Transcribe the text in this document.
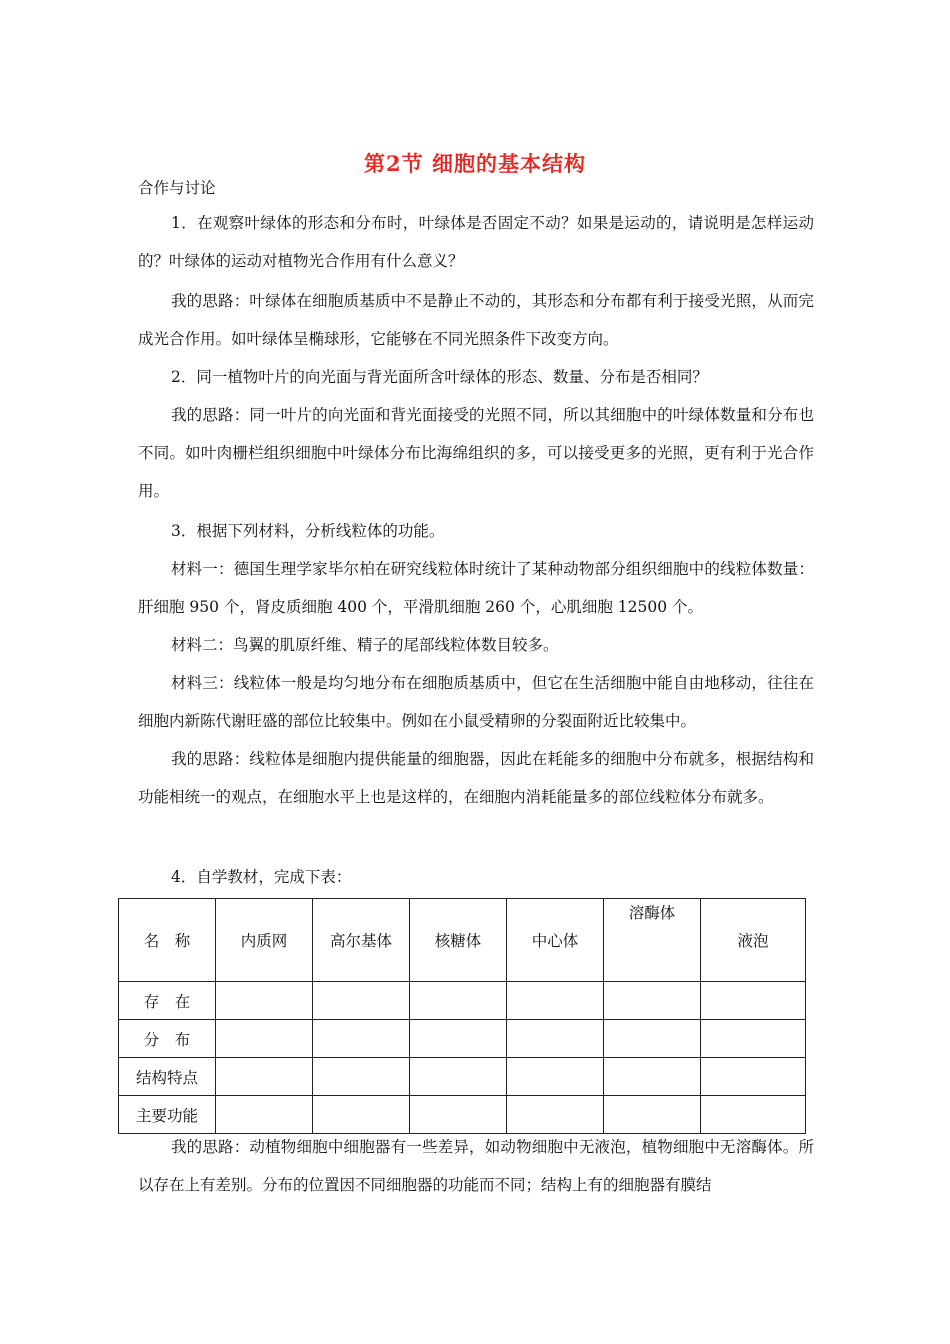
第2节 细胞的基本结构
合作与讨论
1．在观察叶绿体的形态和分布时，叶绿体是否固定不动？如果是运动的，请说明是怎样运动的？叶绿体的运动对植物光合作用有什么意义？
我的思路：叶绿体在细胞质基质中不是静止不动的，其形态和分布都有利于接受光照，从而完成光合作用。如叶绿体呈椭球形，它能够在不同光照条件下改变方向。
2．同一植物叶片的向光面与背光面所含叶绿体的形态、数量、分布是否相同？
我的思路：同一叶片的向光面和背光面接受的光照不同，所以其细胞中的叶绿体数量和分布也不同。如叶肉栅栏组织细胞中叶绿体分布比海绵组织的多，可以接受更多的光照，更有利于光合作用。
3．根据下列材料，分析线粒体的功能。
材料一：德国生理学家毕尔柏在研究线粒体时统计了某种动物部分组织细胞中的线粒体数量：肝细胞 950 个，肾皮质细胞 400 个，平滑肌细胞 260 个，心肌细胞 12500 个。
材料二：鸟翼的肌原纤维、精子的尾部线粒体数目较多。
材料三：线粒体一般是均匀地分布在细胞质基质中，但它在生活细胞中能自由地移动，往往在细胞内新陈代谢旺盛的部位比较集中。例如在小鼠受精卵的分裂面附近比较集中。
我的思路：线粒体是细胞内提供能量的细胞器，因此在耗能多的细胞中分布就多，根据结构和功能相统一的观点，在细胞水平上也是这样的，在细胞内消耗能量多的部位线粒体分布就多。
4．自学教材，完成下表：
名　称	内质网	高尔基体	核糖体	中心体	溶酶体	液泡
存　在						
分　布						
结构特点						
主要功能						
我的思路：动植物细胞中细胞器有一些差异，如动物细胞中无液泡，植物细胞中无溶酶体。所以存在上有差别。分布的位置因不同细胞器的功能而不同；结构上有的细胞器有膜结
